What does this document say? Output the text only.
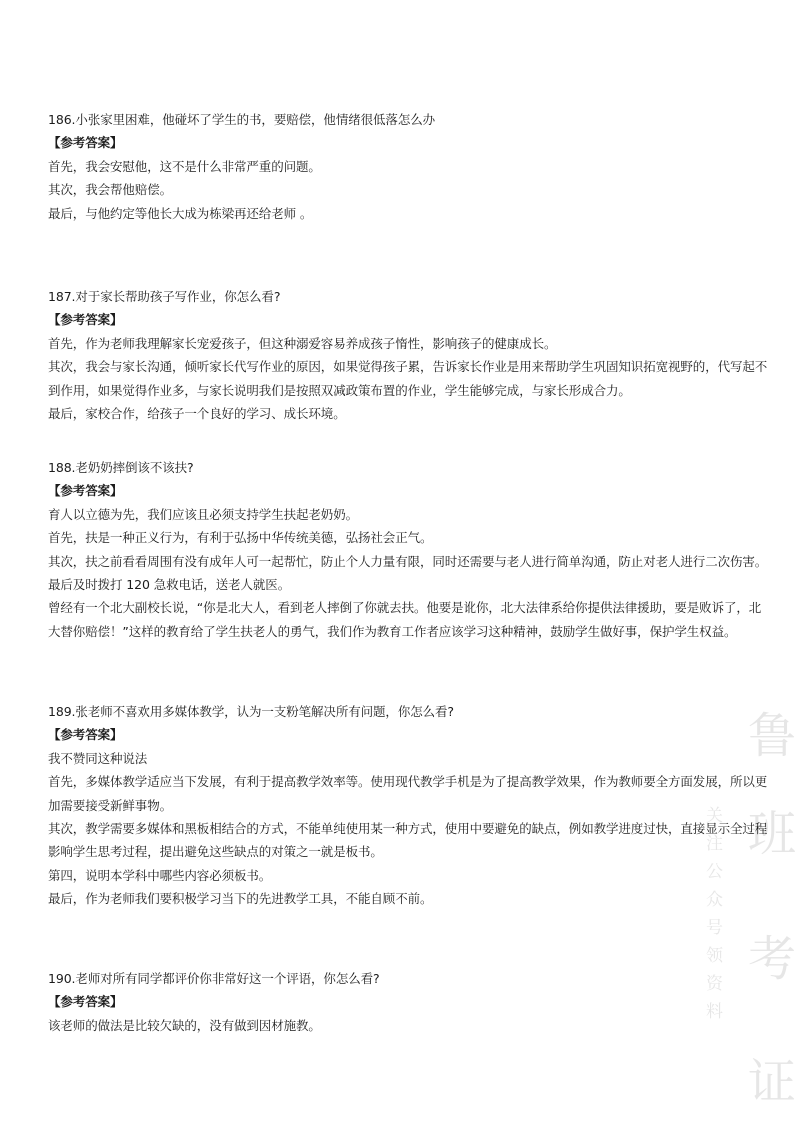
鲁
班
考
证
关
注
公
众
号
领
资
料
186.小张家里困难，他碰坏了学生的书，要赔偿，他情绪很低落怎么办
【参考答案】
首先，我会安慰他，这不是什么非常严重的问题。
其次，我会帮他赔偿。
最后，与他约定等他长大成为栋梁再还给老师 。
187.对于家长帮助孩子写作业，你怎么看?
【参考答案】
首先，作为老师我理解家长宠爱孩子，但这种溺爱容易养成孩子惰性，影响孩子的健康成长。
其次，我会与家长沟通，倾听家长代写作业的原因，如果觉得孩子累，告诉家长作业是用来帮助学生巩固知识拓宽视野的，代写起不到作用，如果觉得作业多，与家长说明我们是按照双减政策布置的作业，学生能够完成，与家长形成合力。
最后，家校合作，给孩子一个良好的学习、成长环境。
188.老奶奶摔倒该不该扶?
【参考答案】
育人以立德为先，我们应该且必须支持学生扶起老奶奶。
首先，扶是一种正义行为，有利于弘扬中华传统美德，弘扬社会正气。
其次，扶之前看看周围有没有成年人可一起帮忙，防止个人力量有限，同时还需要与老人进行简单沟通，防止对老人进行二次伤害。
最后及时拨打 120 急救电话，送老人就医。
曾经有一个北大副校长说，“你是北大人，看到老人摔倒了你就去扶。他要是讹你，北大法律系给你提供法律援助，要是败诉了，北大替你赔偿！”这样的教育给了学生扶老人的勇气，我们作为教育工作者应该学习这种精神，鼓励学生做好事，保护学生权益。
189.张老师不喜欢用多媒体教学，认为一支粉笔解决所有问题，你怎么看?
【参考答案】
我不赞同这种说法
首先，多媒体教学适应当下发展，有利于提高教学效率等。使用现代教学手机是为了提高教学效果，作为教师要全方面发展，所以更加需要接受新鲜事物。
其次，教学需要多媒体和黑板相结合的方式，不能单纯使用某一种方式，使用中要避免的缺点，例如教学进度过快，直接显示全过程影响学生思考过程，提出避免这些缺点的对策之一就是板书。
第四，说明本学科中哪些内容必须板书。
最后，作为老师我们要积极学习当下的先进教学工具，不能自顾不前。
190.老师对所有同学都评价你非常好这一个评语，你怎么看?
【参考答案】
该老师的做法是比较欠缺的，没有做到因材施教。
